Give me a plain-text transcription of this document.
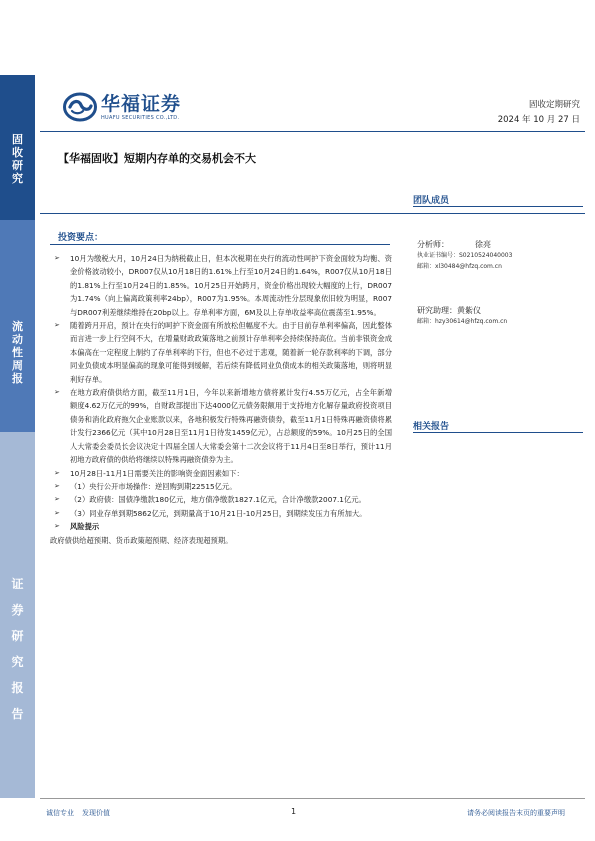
固
收
研
究
流
动
性
周
报
证
券
研
究
报
告
华福证券
HUAFU SECURITIES CO.,LTD.
固收定期研究
2024 年 10 月 27 日
【华福固收】短期内存单的交易机会不大
投资要点：
➢	10月为缴税大月，10月24日为纳税截止日，但本次税期在央行的流动性呵护下资金面较为均衡、资金价格波动较小，DR007仅从10月18日的1.61%上行至10月24日的1.64%，R007仅从10月18日的1.81%上行至10月24日的1.85%。10月25日开始跨月，资金价格出现较大幅度的上行，DR007为1.74%（向上偏离政策利率24bp），R007为1.95%。本周流动性分层现象依旧较为明显，R007与DR007利差继续维持在20bp以上。存单利率方面，6M及以上存单收益率高位震荡至1.95%。
➢	随着跨月开启，预计在央行的呵护下资金面有所放松但幅度不大。由于目前存单利率偏高，因此整体而言进一步上行空间不大，在增量财政政策落地之前预计存单利率会持续保持高位。当前非银资金成本偏高在一定程度上制约了存单利率的下行，但也不必过于悲观，随着新一轮存款利率的下调，部分同业负债成本明显偏高的现象可能得到缓解，若后续有降低同业负债成本的相关政策落地，则将明显利好存单。
➢	在地方政府债供给方面，截至11月1日，今年以来新增地方债将累计发行4.55万亿元，占全年新增额度4.62万亿元的99%，自财政部提出下达4000亿元债务限额用于支持地方化解存量政府投资项目债务和消化政府拖欠企业账款以来，各地积极发行特殊再融资债券，截至11月1日特殊再融资债将累计发行2366亿元（其中10月28日至11月1日待发1459亿元），占总额度的59%。10月25日的全国人大常委会委员长会议决定十四届全国人大常委会第十二次会议将于11月4日至8日举行，预计11月初地方政府债的供给将继续以特殊再融资债券为主。
➢	10月28日-11月1日需要关注的影响资金面因素如下：
➢	（1）央行公开市场操作：逆回购到期22515亿元。
➢	（2）政府债：国债净缴款180亿元，地方债净缴款1827.1亿元，合计净缴款2007.1亿元。
➢	（3）同业存单到期5862亿元，到期量高于10月21日-10月25日，到期续发压力有所加大。
➢	风险提示
政府债供给超预期、货币政策超预期、经济表现超预期。
团队成员
分析师：	徐亮
执业证书编号：S0210524040003
邮箱：xl30484@hfzq.com.cn
研究助理：黄紫仪
邮箱：hzy30614@hfzq.com.cn
相关报告
诚信专业 发现价值	1	请务必阅读报告末页的重要声明
